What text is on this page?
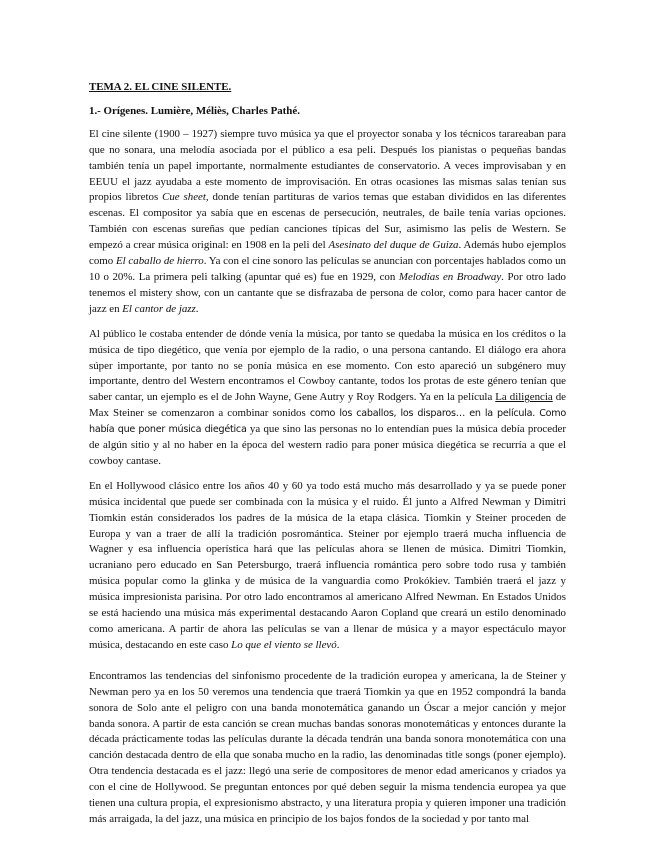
TEMA 2. EL CINE SILENTE.
1.- Orígenes. Lumière, Méliès, Charles Pathé.

El cine silente (1900 – 1927) siempre tuvo música ya que el proyector sonaba y los técnicos tarareaban para que no sonara, una melodía asociada por el público a esa peli. Después los pianistas o pequeñas bandas también tenía un papel importante, normalmente estudiantes de conservatorio. A veces improvisaban y en EEUU el jazz ayudaba a este momento de improvisación. En otras ocasiones las mismas salas tenían sus propios libretos Cue sheet, donde tenían partituras de varios temas que estaban divididos en las diferentes escenas. El compositor ya sabía que en escenas de persecución, neutrales, de baile tenía varias opciones. También con escenas sureñas que pedían canciones típicas del Sur, asimismo las pelis de Western. Se empezó a crear música original: en 1908 en la peli del Asesinato del duque de Guiza. Además hubo ejemplos como El caballo de hierro. Ya con el cine sonoro las películas se anuncian con porcentajes hablados como un 10 o 20%. La primera peli talking (apuntar qué es) fue en 1929, con Melodías en Broadway. Por otro lado tenemos el mistery show, con un cantante que se disfrazaba de persona de color, como para hacer cantor de jazz en El cantor de jazz.

Al público le costaba entender de dónde venía la música, por tanto se quedaba la música en los créditos o la música de tipo diegético, que venía por ejemplo de la radio, o una persona cantando. El diálogo era ahora súper importante, por tanto no se ponía música en ese momento. Con esto apareció un subgénero muy importante, dentro del Western encontramos el Cowboy cantante, todos los protas de este género tenían que saber cantar, un ejemplo es el de John Wayne, Gene Autry y Roy Rodgers. Ya en la película La diligencia de Max Steiner se comenzaron a combinar sonidos como los caballos, los disparos… en la película. Como había que poner música diegética ya que sino las personas no lo entendían pues la música debía proceder de algún sitio y al no haber en la época del western radio para poner música diegética se recurría a que el cowboy cantase.

En el Hollywood clásico entre los años 40 y 60 ya todo está mucho más desarrollado y ya se puede poner música incidental que puede ser combinada con la música y el ruido. Él junto a Alfred Newman y Dimitri Tiomkin están considerados los padres de la música de la etapa clásica. Tiomkin y Steiner proceden de Europa y van a traer de allí la tradición posromántica. Steiner por ejemplo traerá mucha influencia de Wagner y esa influencia operística hará que las películas ahora se llenen de música. Dimitri Tiomkin, ucraniano pero educado en San Petersburgo, traerá influencia romántica pero sobre todo rusa y también música popular como la glinka y de música de la vanguardia como Prokókiev. También traerá el jazz y música impresionista parisina. Por otro lado encontramos al americano Alfred Newman. En Estados Unidos se está haciendo una música más experimental destacando Aaron Copland que creará un estilo denominado como americana. A partir de ahora las películas se van a llenar de música y a mayor espectáculo mayor música, destacando en este caso Lo que el viento se llevó.

Encontramos las tendencias del sinfonismo procedente de la tradición europea y americana, la de Steiner y Newman pero ya en los 50 veremos una tendencia que traerá Tiomkin ya que en 1952 compondrá la banda sonora de Solo ante el peligro con una banda monotemática ganando un Óscar a mejor canción y mejor banda sonora. A partir de esta canción se crean muchas bandas sonoras monotemáticas y entonces durante la década prácticamente todas las películas durante la década tendrán una banda sonora monotemática con una canción destacada dentro de ella que sonaba mucho en la radio, las denominadas title songs (poner ejemplo). Otra tendencia destacada es el jazz: llegó una serie de compositores de menor edad americanos y criados ya con el cine de Hollywood. Se preguntan entonces por qué deben seguir la misma tendencia europea ya que tienen una cultura propia, el expresionismo abstracto, y una literatura propia y quieren imponer una tradición más arraigada, la del jazz, una música en principio de los bajos fondos de la sociedad y por tanto mal
